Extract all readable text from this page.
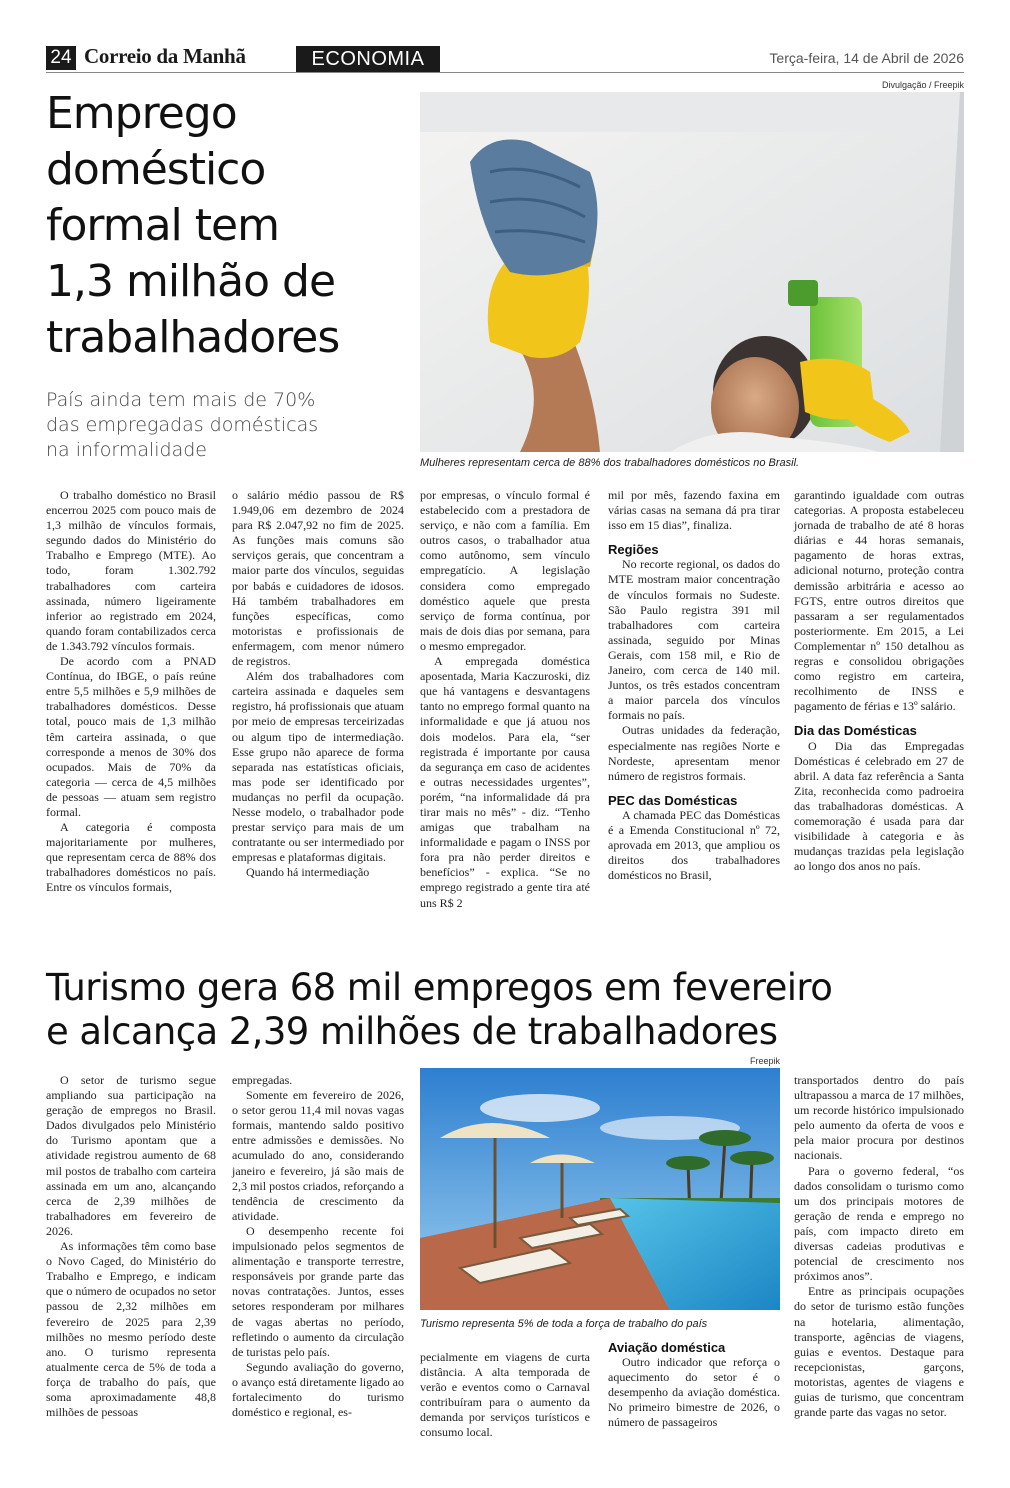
24 Correio da Manhã	ECONOMIA	Terça-feira, 14 de Abril de 2026
Emprego
doméstico
formal tem
1,3 milhão de
trabalhadores
País ainda tem mais de 70%
das empregadas domésticas
na informalidade
Divulgação / Freepik
Mulheres representam cerca de 88% dos trabalhadores domésticos no Brasil.

O trabalho doméstico no Brasil encerrou 2025 com pouco mais de 1,3 milhão de vínculos formais, segundo dados do Ministério do Trabalho e Emprego (MTE). Ao todo, foram 1.302.792 trabalhadores com carteira assinada, número ligeiramente inferior ao registrado em 2024, quando foram contabilizados cerca de 1.343.792 vínculos formais.

De acordo com a PNAD Contínua, do IBGE, o país reúne entre 5,5 milhões e 5,9 milhões de trabalhadores domésticos. Desse total, pouco mais de 1,3 milhão têm carteira assinada, o que corresponde a menos de 30% dos ocupados. Mais de 70% da categoria — cerca de 4,5 milhões de pessoas — atuam sem registro formal.

A categoria é composta majoritariamente por mulheres, que representam cerca de 88% dos trabalhadores domésticos no país. Entre os vínculos formais,

o salário médio passou de R$ 1.949,06 em dezembro de 2024 para R$ 2.047,92 no fim de 2025. As funções mais comuns são serviços gerais, que concentram a maior parte dos vínculos, seguidas por babás e cuidadores de idosos. Há também trabalhadores em funções específicas, como motoristas e profissionais de enfermagem, com menor número de registros.

Além dos trabalhadores com carteira assinada e daqueles sem registro, há profissionais que atuam por meio de empresas terceirizadas ou algum tipo de intermediação. Esse grupo não aparece de forma separada nas estatísticas oficiais, mas pode ser identificado por mudanças no perfil da ocupação. Nesse modelo, o trabalhador pode prestar serviço para mais de um contratante ou ser intermediado por empresas e plataformas digitais.

Quando há intermediação

por empresas, o vínculo formal é estabelecido com a prestadora de serviço, e não com a família. Em outros casos, o trabalhador atua como autônomo, sem vínculo empregatício. A legislação considera como empregado doméstico aquele que presta serviço de forma contínua, por mais de dois dias por semana, para o mesmo empregador.

A empregada doméstica aposentada, Maria Kaczuroski, diz que há vantagens e desvantagens tanto no emprego formal quanto na informalidade e que já atuou nos dois modelos. Para ela, “ser registrada é importante por causa da segurança em caso de acidentes e outras necessidades urgentes”, porém, “na informalidade dá pra tirar mais no mês” - diz. “Tenho amigas que trabalham na informalidade e pagam o INSS por fora pra não perder direitos e benefícios” - explica. “Se no emprego registrado a gente tira até uns R$ 2

mil por mês, fazendo faxina em várias casas na semana dá pra tirar isso em 15 dias”, finaliza.

Regiões

No recorte regional, os dados do MTE mostram maior concentração de vínculos formais no Sudeste. São Paulo registra 391 mil trabalhadores com carteira assinada, seguido por Minas Gerais, com 158 mil, e Rio de Janeiro, com cerca de 140 mil. Juntos, os três estados concentram a maior parcela dos vínculos formais no país.

Outras unidades da federação, especialmente nas regiões Norte e Nordeste, apresentam menor número de registros formais.

PEC das Domésticas

A chamada PEC das Domésticas é a Emenda Constitucional nº 72, aprovada em 2013, que ampliou os direitos dos trabalhadores domésticos no Brasil,

garantindo igualdade com outras categorias. A proposta estabeleceu jornada de trabalho de até 8 horas diárias e 44 horas semanais, pagamento de horas extras, adicional noturno, proteção contra demissão arbitrária e acesso ao FGTS, entre outros direitos que passaram a ser regulamentados posteriormente. Em 2015, a Lei Complementar nº 150 detalhou as regras e consolidou obrigações como registro em carteira, recolhimento de INSS e pagamento de férias e 13º salário.

Dia das Domésticas

O Dia das Empregadas Domésticas é celebrado em 27 de abril. A data faz referência a Santa Zita, reconhecida como padroeira das trabalhadoras domésticas. A comemoração é usada para dar visibilidade à categoria e às mudanças trazidas pela legislação ao longo dos anos no país.

Turismo gera 68 mil empregos em fevereiro
e alcança 2,39 milhões de trabalhadores
Freepik
Turismo representa 5% de toda a força de trabalho do país

O setor de turismo segue ampliando sua participação na geração de empregos no Brasil. Dados divulgados pelo Ministério do Turismo apontam que a atividade registrou aumento de 68 mil postos de trabalho com carteira assinada em um ano, alcançando cerca de 2,39 milhões de trabalhadores em fevereiro de 2026.

As informações têm como base o Novo Caged, do Ministério do Trabalho e Emprego, e indicam que o número de ocupados no setor passou de 2,32 milhões em fevereiro de 2025 para 2,39 milhões no mesmo período deste ano. O turismo representa atualmente cerca de 5% de toda a força de trabalho do país, que soma aproximadamente 48,8 milhões de pessoas

empregadas.

Somente em fevereiro de 2026, o setor gerou 11,4 mil novas vagas formais, mantendo saldo positivo entre admissões e demissões. No acumulado do ano, considerando janeiro e fevereiro, já são mais de 2,3 mil postos criados, reforçando a tendência de crescimento da atividade.

O desempenho recente foi impulsionado pelos segmentos de alimentação e transporte terrestre, responsáveis por grande parte das novas contratações. Juntos, esses setores responderam por milhares de vagas abertas no período, refletindo o aumento da circulação de turistas pelo país.

Segundo avaliação do governo, o avanço está diretamente ligado ao fortalecimento do turismo doméstico e regional, es-

pecialmente em viagens de curta distância. A alta temporada de verão e eventos como o Carnaval contribuíram para o aumento da demanda por serviços turísticos e consumo local.

Aviação doméstica

Outro indicador que reforça o aquecimento do setor é o desempenho da aviação doméstica. No primeiro bimestre de 2026, o número de passageiros

transportados dentro do país ultrapassou a marca de 17 milhões, um recorde histórico impulsionado pelo aumento da oferta de voos e pela maior procura por destinos nacionais.

Para o governo federal, “os dados consolidam o turismo como um dos principais motores de geração de renda e emprego no país, com impacto direto em diversas cadeias produtivas e potencial de crescimento nos próximos anos”.

Entre as principais ocupações do setor de turismo estão funções na hotelaria, alimentação, transporte, agências de viagens, guias e eventos. Destaque para recepcionistas, garçons, motoristas, agentes de viagens e guias de turismo, que concentram grande parte das vagas no setor.
